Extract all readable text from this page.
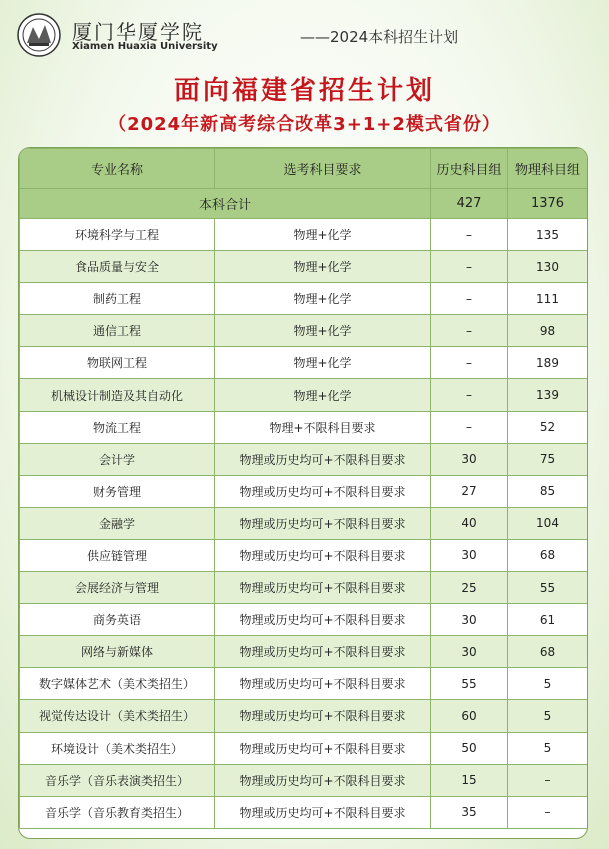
厦门华厦学院
Xiamen Huaxia University
——2024本科招生计划
面向福建省招生计划
（2024年新高考综合改革3+1+2模式省份）
专业名称	选考科目要求	历史科目组	物理科目组
本科合计		427	1376
环境科学与工程	物理+化学	–	135
食品质量与安全	物理+化学	–	130
制药工程	物理+化学	–	111
通信工程	物理+化学	–	98
物联网工程	物理+化学	–	189
机械设计制造及其自动化	物理+化学	–	139
物流工程	物理+不限科目要求	–	52
会计学	物理或历史均可+不限科目要求	30	75
财务管理	物理或历史均可+不限科目要求	27	85
金融学	物理或历史均可+不限科目要求	40	104
供应链管理	物理或历史均可+不限科目要求	30	68
会展经济与管理	物理或历史均可+不限科目要求	25	55
商务英语	物理或历史均可+不限科目要求	30	61
网络与新媒体	物理或历史均可+不限科目要求	30	68
数字媒体艺术（美术类招生）	物理或历史均可+不限科目要求	55	5
视觉传达设计（美术类招生）	物理或历史均可+不限科目要求	60	5
环境设计（美术类招生）	物理或历史均可+不限科目要求	50	5
音乐学（音乐表演类招生）	物理或历史均可+不限科目要求	15	–
音乐学（音乐教育类招生）	物理或历史均可+不限科目要求	35	–
